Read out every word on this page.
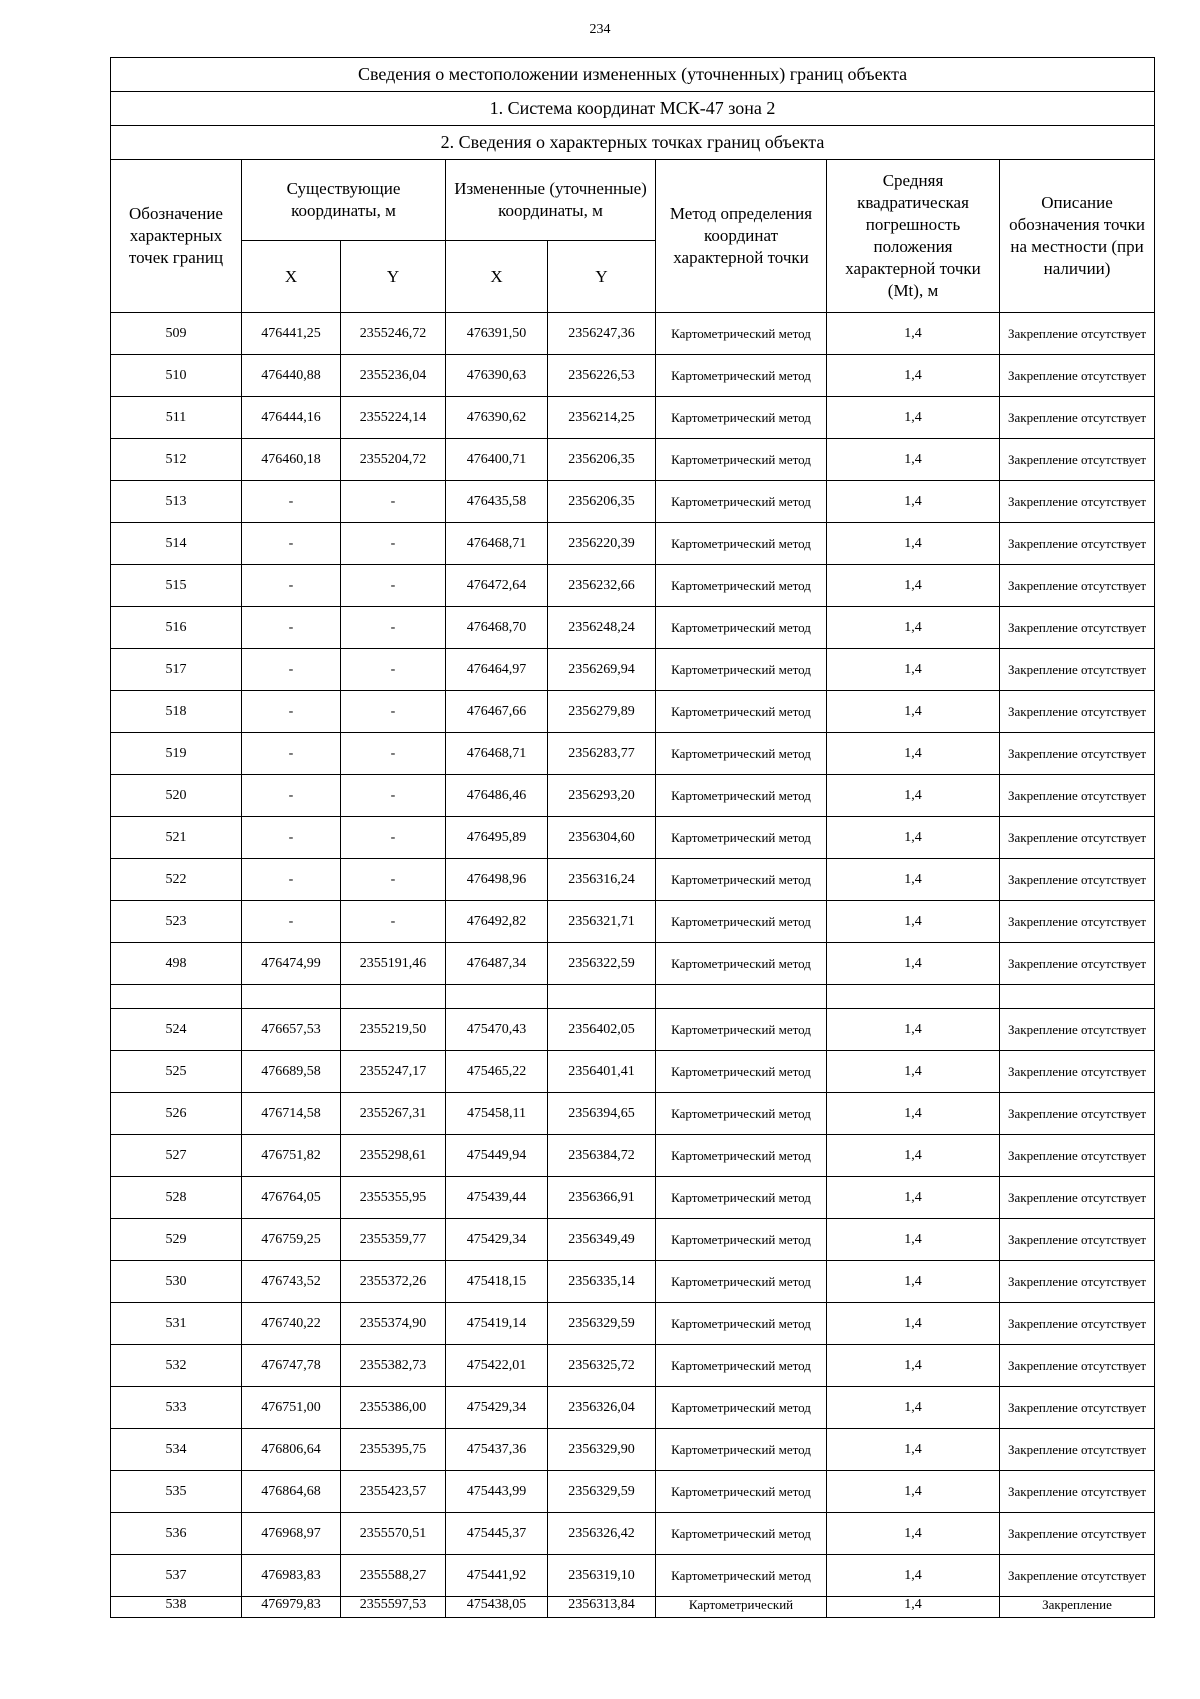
234
Сведения о местоположении измененных (уточненных) границ объекта							
1. Система координат МСК-47 зона 2							
2. Сведения о характерных точках границ объекта							
Обозначение характерных точек границ	Существующие координаты, м		Измененные (уточненные) координаты, м		Метод определения координат характерной точки	Средняя квадратическая погрешность положения характерной точки (Mt), м	Описание обозначения точки на местности (при наличии)
	X	Y	X	Y			
509	476441,25	2355246,72	476391,50	2356247,36	Картометрический метод	1,4	Закрепление отсутствует
510	476440,88	2355236,04	476390,63	2356226,53	Картометрический метод	1,4	Закрепление отсутствует
511	476444,16	2355224,14	476390,62	2356214,25	Картометрический метод	1,4	Закрепление отсутствует
512	476460,18	2355204,72	476400,71	2356206,35	Картометрический метод	1,4	Закрепление отсутствует
513	-	-	476435,58	2356206,35	Картометрический метод	1,4	Закрепление отсутствует
514	-	-	476468,71	2356220,39	Картометрический метод	1,4	Закрепление отсутствует
515	-	-	476472,64	2356232,66	Картометрический метод	1,4	Закрепление отсутствует
516	-	-	476468,70	2356248,24	Картометрический метод	1,4	Закрепление отсутствует
517	-	-	476464,97	2356269,94	Картометрический метод	1,4	Закрепление отсутствует
518	-	-	476467,66	2356279,89	Картометрический метод	1,4	Закрепление отсутствует
519	-	-	476468,71	2356283,77	Картометрический метод	1,4	Закрепление отсутствует
520	-	-	476486,46	2356293,20	Картометрический метод	1,4	Закрепление отсутствует
521	-	-	476495,89	2356304,60	Картометрический метод	1,4	Закрепление отсутствует
522	-	-	476498,96	2356316,24	Картометрический метод	1,4	Закрепление отсутствует
523	-	-	476492,82	2356321,71	Картометрический метод	1,4	Закрепление отсутствует
498	476474,99	2355191,46	476487,34	2356322,59	Картометрический метод	1,4	Закрепление отсутствует

524	476657,53	2355219,50	475470,43	2356402,05	Картометрический метод	1,4	Закрепление отсутствует
525	476689,58	2355247,17	475465,22	2356401,41	Картометрический метод	1,4	Закрепление отсутствует
526	476714,58	2355267,31	475458,11	2356394,65	Картометрический метод	1,4	Закрепление отсутствует
527	476751,82	2355298,61	475449,94	2356384,72	Картометрический метод	1,4	Закрепление отсутствует
528	476764,05	2355355,95	475439,44	2356366,91	Картометрический метод	1,4	Закрепление отсутствует
529	476759,25	2355359,77	475429,34	2356349,49	Картометрический метод	1,4	Закрепление отсутствует
530	476743,52	2355372,26	475418,15	2356335,14	Картометрический метод	1,4	Закрепление отсутствует
531	476740,22	2355374,90	475419,14	2356329,59	Картометрический метод	1,4	Закрепление отсутствует
532	476747,78	2355382,73	475422,01	2356325,72	Картометрический метод	1,4	Закрепление отсутствует
533	476751,00	2355386,00	475429,34	2356326,04	Картометрический метод	1,4	Закрепление отсутствует
534	476806,64	2355395,75	475437,36	2356329,90	Картометрический метод	1,4	Закрепление отсутствует
535	476864,68	2355423,57	475443,99	2356329,59	Картометрический метод	1,4	Закрепление отсутствует
536	476968,97	2355570,51	475445,37	2356326,42	Картометрический метод	1,4	Закрепление отсутствует
537	476983,83	2355588,27	475441,92	2356319,10	Картометрический метод	1,4	Закрепление отсутствует
538	476979,83	2355597,53	475438,05	2356313,84	Картометрический	1,4	Закрепление
